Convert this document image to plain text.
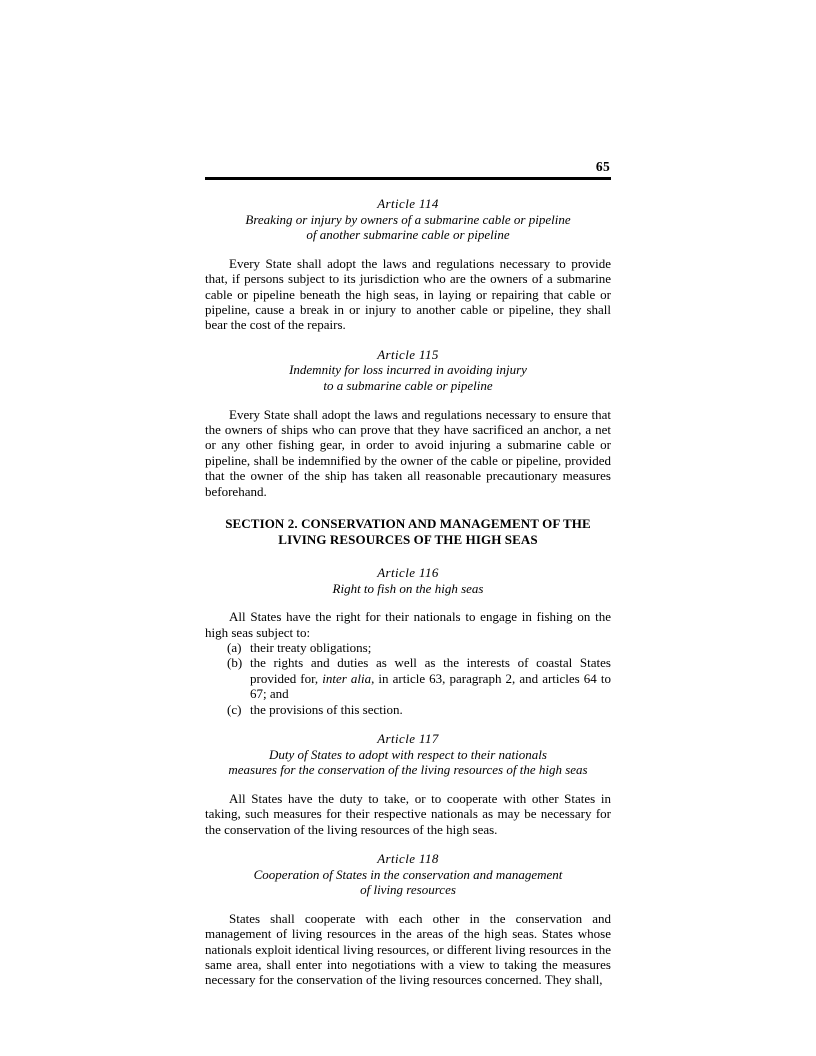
65
Article 114
Breaking or injury by owners of a submarine cable or pipeline
of another submarine cable or pipeline

Every State shall adopt the laws and regulations necessary to provide that, if persons subject to its jurisdiction who are the owners of a submarine cable or pipeline beneath the high seas, in laying or repairing that cable or pipeline, cause a break in or injury to another cable or pipeline, they shall bear the cost of the repairs.

Article 115
Indemnity for loss incurred in avoiding injury
to a submarine cable or pipeline

Every State shall adopt the laws and regulations necessary to ensure that the owners of ships who can prove that they have sacrificed an anchor, a net or any other fishing gear, in order to avoid injuring a submarine cable or pipeline, shall be indemnified by the owner of the cable or pipeline, provided that the owner of the ship has taken all reasonable precautionary measures beforehand.

SECTION 2. CONSERVATION AND MANAGEMENT OF THE
LIVING RESOURCES OF THE HIGH SEAS
Article 116
Right to fish on the high seas

All States have the right for their nationals to engage in fishing on the high seas subject to:

(a) their treaty obligations;
(b) the rights and duties as well as the interests of coastal States provided for, inter alia, in article 63, paragraph 2, and articles 64 to 67; and
(c) the provisions of this section.
Article 117
Duty of States to adopt with respect to their nationals
measures for the conservation of the living resources of the high seas

All States have the duty to take, or to cooperate with other States in taking, such measures for their respective nationals as may be necessary for the conservation of the living resources of the high seas.

Article 118
Cooperation of States in the conservation and management
of living resources

States shall cooperate with each other in the conservation and management of living resources in the areas of the high seas. States whose nationals exploit identical living resources, or different living resources in the same area, shall enter into negotiations with a view to taking the measures necessary for the conservation of the living resources concerned. They shall,
